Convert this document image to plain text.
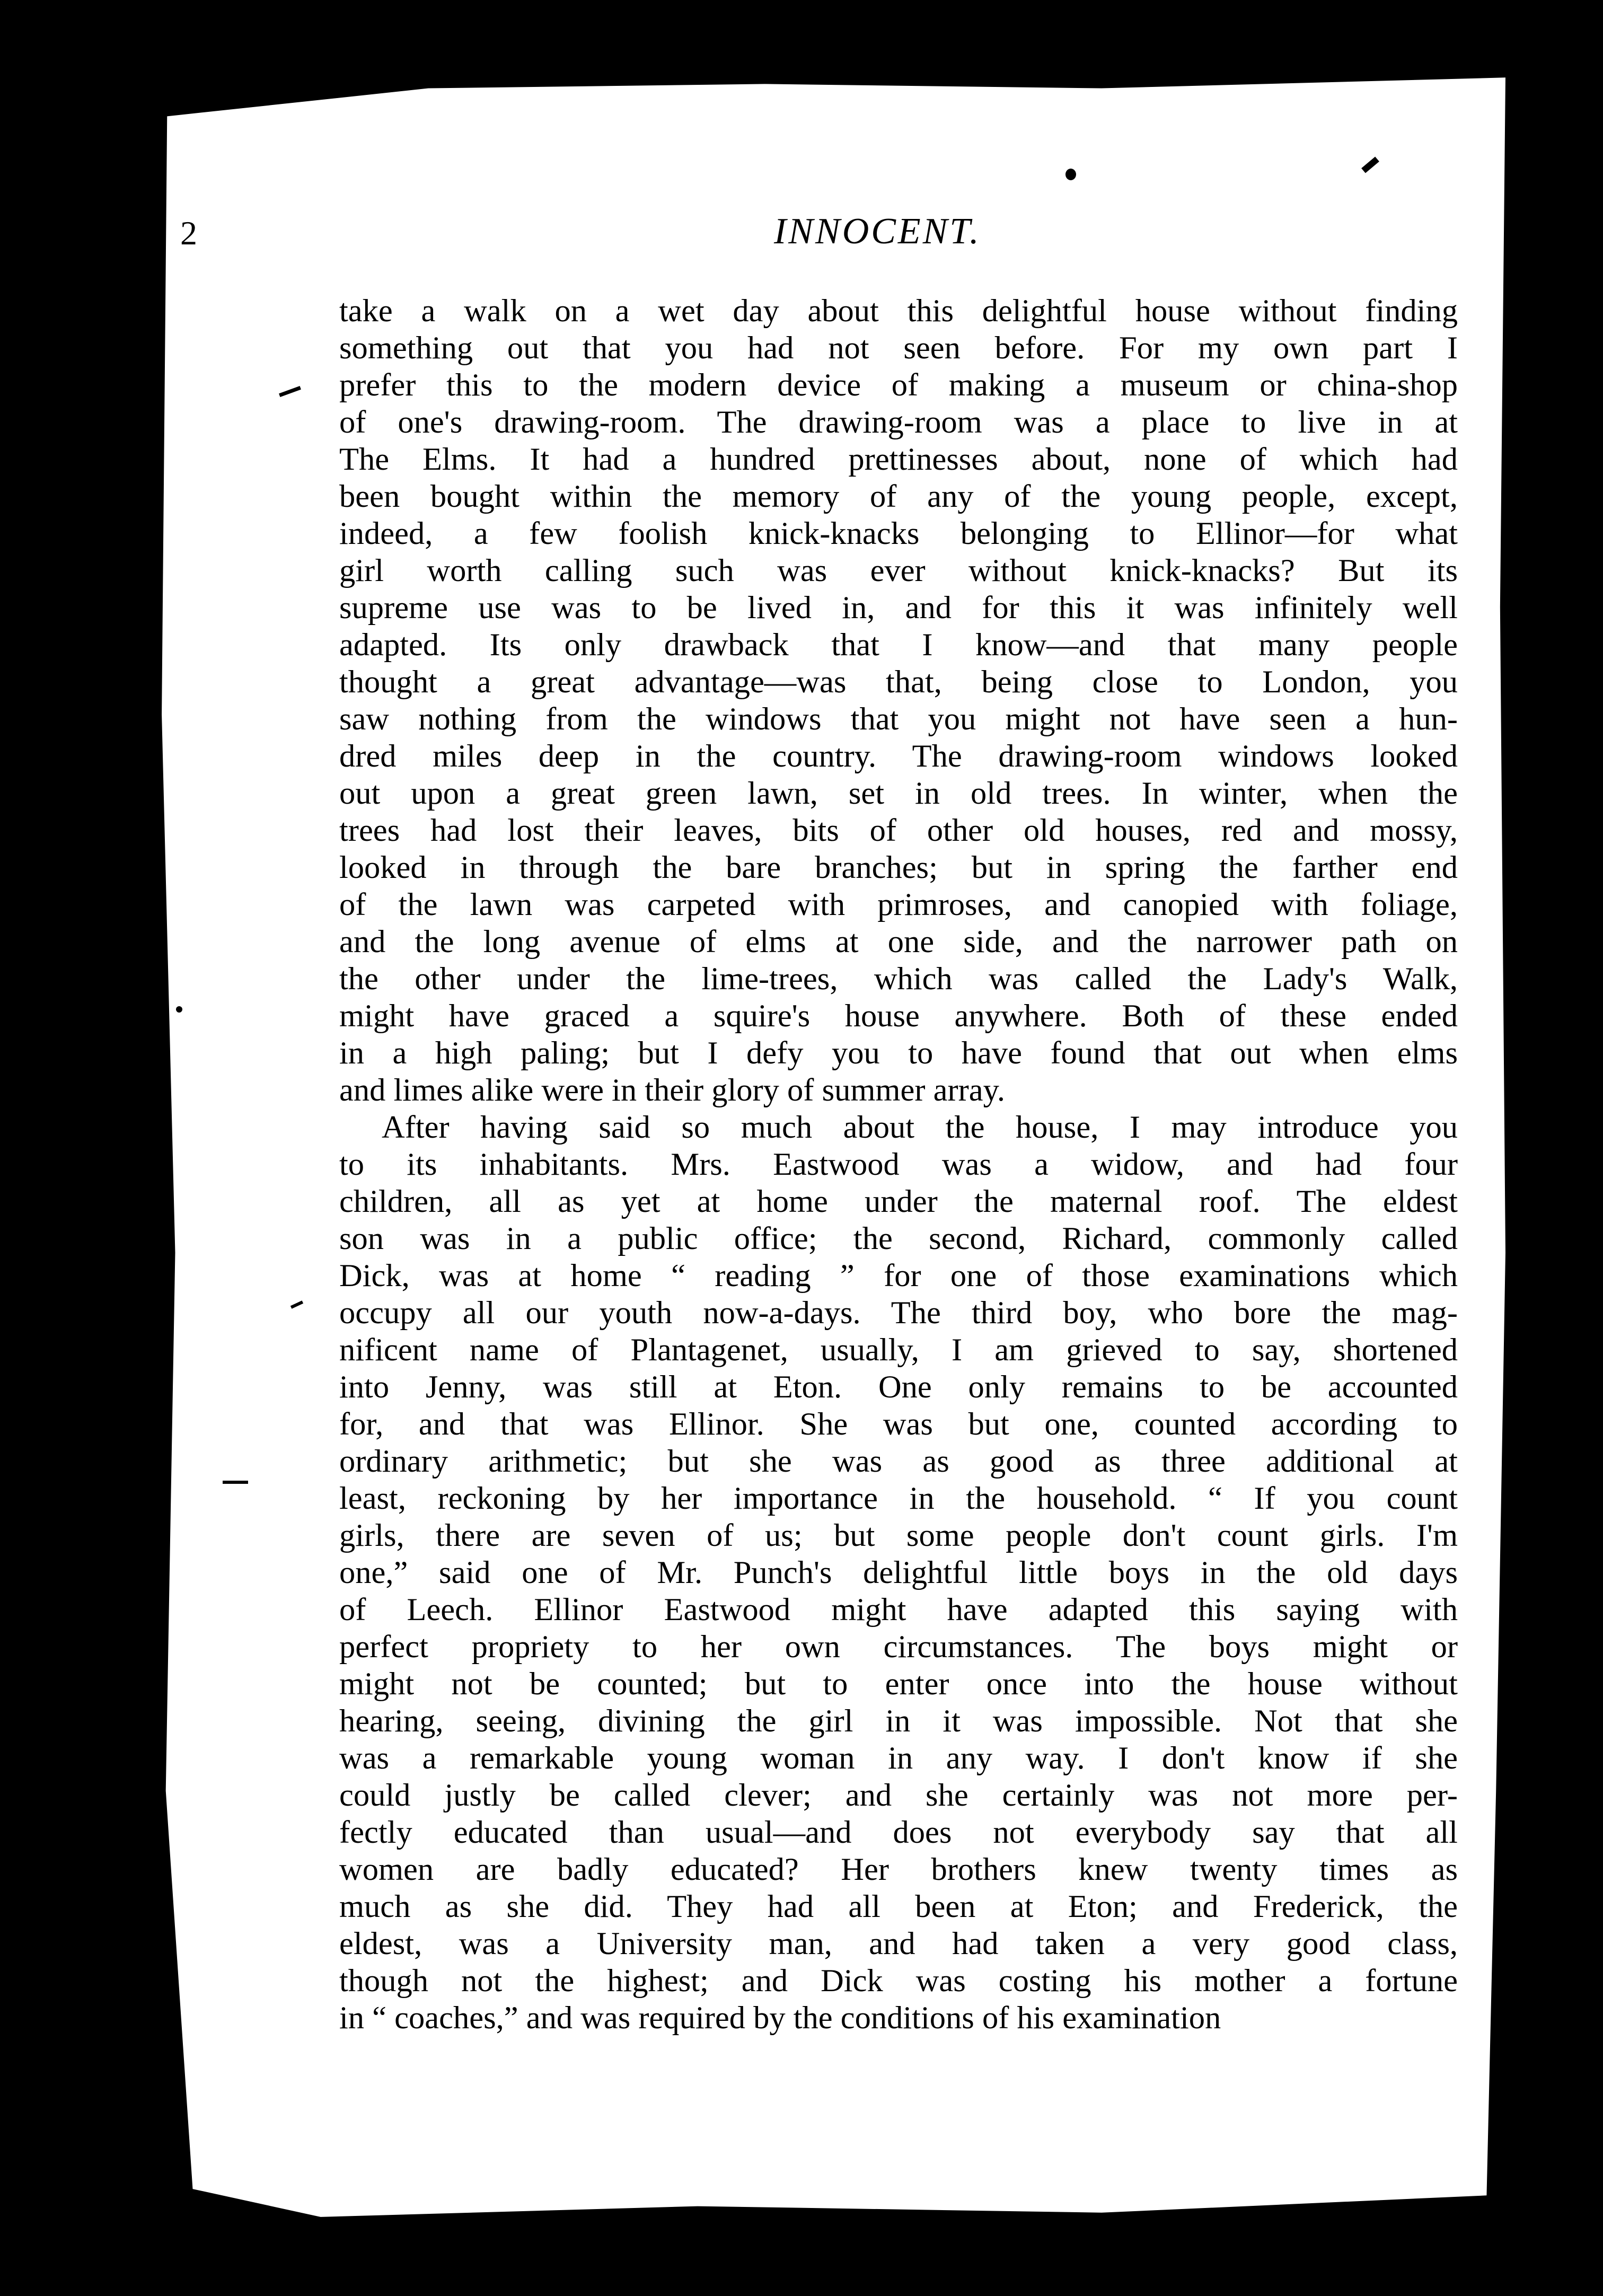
2	INNOCENT.

take a walk on a wet day about this delightful house without finding
something out that you had not seen before. For my own part I
prefer this to the modern device of making a museum or china-shop
of one's drawing-room. The drawing-room was a place to live in at
The Elms. It had a hundred prettinesses about, none of which had
been bought within the memory of any of the young people, except,
indeed, a few foolish knick-knacks belonging to Ellinor—for what
girl worth calling such was ever without knick-knacks? But its
supreme use was to be lived in, and for this it was infinitely well
adapted. Its only drawback that I know—and that many people
thought a great advantage—was that, being close to London, you
saw nothing from the windows that you might not have seen a hun-
dred miles deep in the country. The drawing-room windows looked
out upon a great green lawn, set in old trees. In winter, when the
trees had lost their leaves, bits of other old houses, red and mossy,
looked in through the bare branches; but in spring the farther end
of the lawn was carpeted with primroses, and canopied with foliage,
and the long avenue of elms at one side, and the narrower path on
the other under the lime-trees, which was called the Lady's Walk,
might have graced a squire's house anywhere. Both of these ended
in a high paling; but I defy you to have found that out when elms
and limes alike were in their glory of summer array.
After having said so much about the house, I may introduce you
to its inhabitants. Mrs. Eastwood was a widow, and had four
children, all as yet at home under the maternal roof. The eldest
son was in a public office; the second, Richard, commonly called
Dick, was at home “ reading ” for one of those examinations which
occupy all our youth now-a-days. The third boy, who bore the mag-
nificent name of Plantagenet, usually, I am grieved to say, shortened
into Jenny, was still at Eton. One only remains to be accounted
for, and that was Ellinor. She was but one, counted according to
ordinary arithmetic; but she was as good as three additional at
least, reckoning by her importance in the household. “ If you count
girls, there are seven of us; but some people don't count girls. I'm
one,” said one of Mr. Punch's delightful little boys in the old days
of Leech. Ellinor Eastwood might have adapted this saying with
perfect propriety to her own circumstances. The boys might or
might not be counted; but to enter once into the house without
hearing, seeing, divining the girl in it was impossible. Not that she
was a remarkable young woman in any way. I don't know if she
could justly be called clever; and she certainly was not more per-
fectly educated than usual—and does not everybody say that all
women are badly educated? Her brothers knew twenty times as
much as she did. They had all been at Eton; and Frederick, the
eldest, was a University man, and had taken a very good class,
though not the highest; and Dick was costing his mother a fortune
in “ coaches,” and was required by the conditions of his examination
